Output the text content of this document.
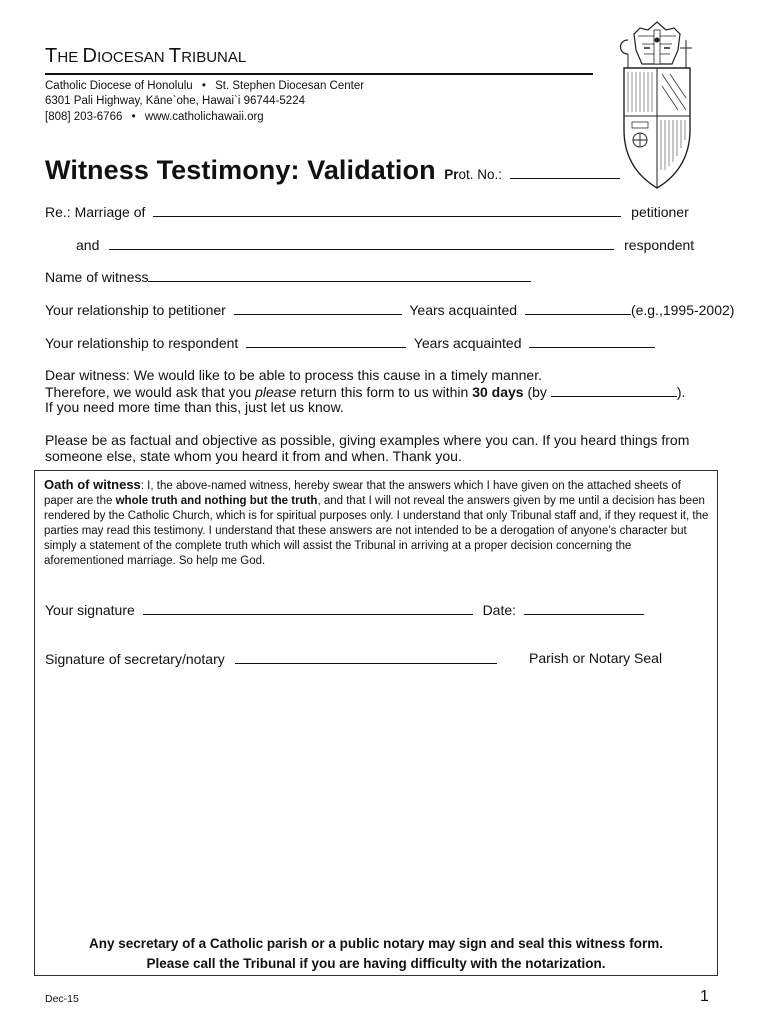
THE DIOCESAN TRIBUNAL
Catholic Diocese of Honolulu • St. Stephen Diocesan Center
6301 Pali Highway, Kāne`ohe, Hawai`i 96744-5224
[808] 203-6766 • www.catholichawaii.org
Witness Testimony: Validation Prot. No.:
Re.: Marriage of	petitioner
and	respondent
Name of witness
Your relationship to petitioner	Years acquainted	(e.g.,1995-2002)
Your relationship to respondent	Years acquainted
Dear witness: We would like to be able to process this cause in a timely manner.
Therefore, we would ask that you please return this form to us within 30 days (by	).
If you need more time than this, just let us know.
Please be as factual and objective as possible, giving examples where you can. If you heard things from
someone else, state whom you heard it from and when. Thank you.
Oath of witness: I, the above-named witness, hereby swear that the answers which I have given on the attached sheets of paper are the whole truth and nothing but the truth, and that I will not reveal the answers given by me until a decision has been rendered by the Catholic Church, which is for spiritual purposes only. I understand that only Tribunal staff and, if they request it, the parties may read this testimony. I understand that these answers are not intended to be a derogation of anyone’s character but simply a statement of the complete truth which will assist the Tribunal in arriving at a proper decision concerning the aforementioned marriage. So help me God.
Your signature	Date:
Signature of secretary/notary	Parish or Notary Seal
Any secretary of a Catholic parish or a public notary may sign and seal this witness form.
Please call the Tribunal if you are having difficulty with the notarization.
Dec-15	1
